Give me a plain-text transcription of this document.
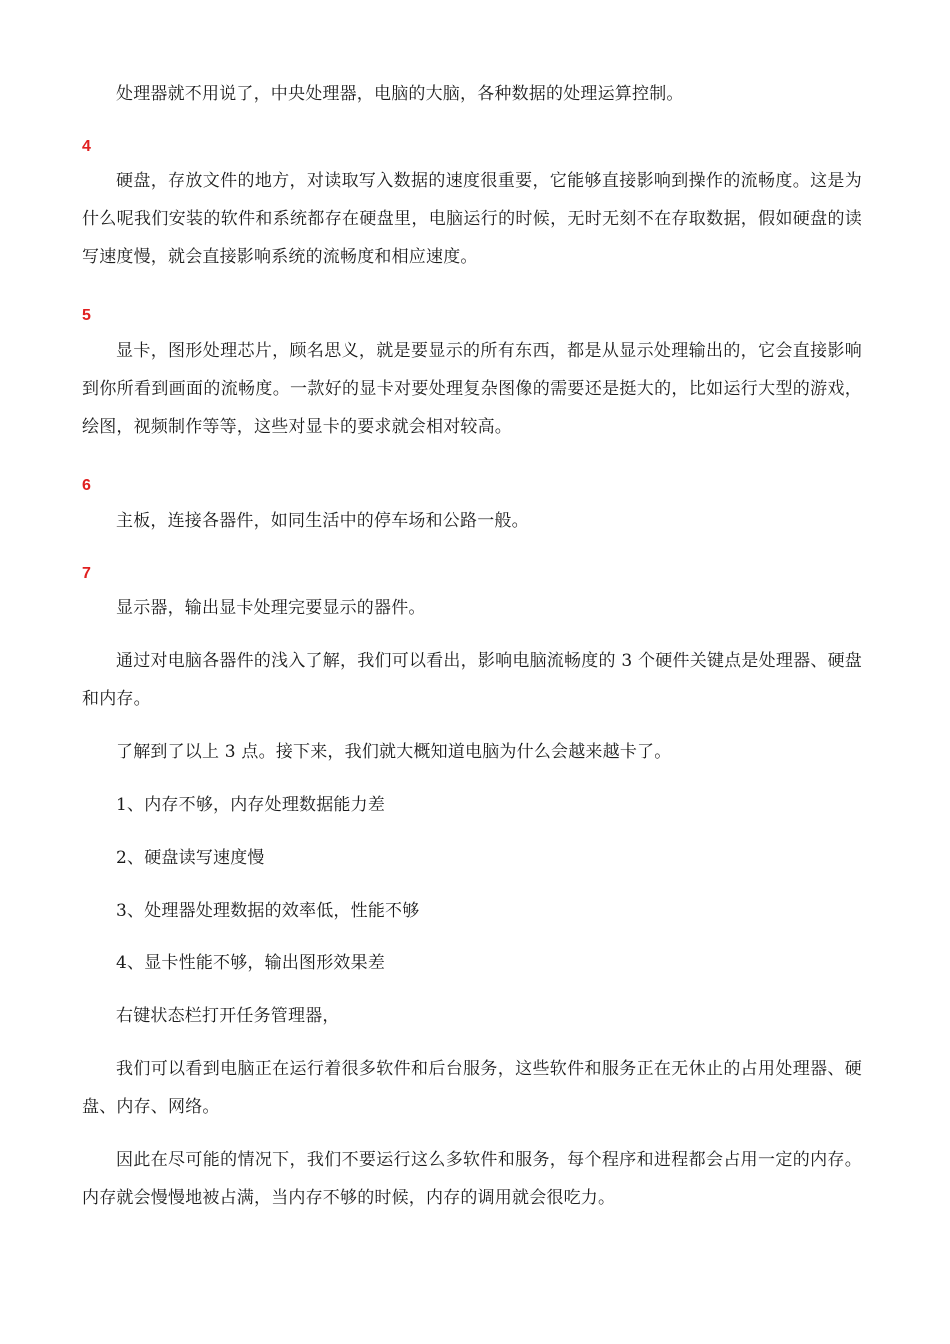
处理器就不用说了，中央处理器，电脑的大脑，各种数据的处理运算控制。

4

硬盘，存放文件的地方，对读取写入数据的速度很重要，它能够直接影响到操作的流畅度。这是为什么呢我们安装的软件和系统都存在硬盘里，电脑运行的时候，无时无刻不在存取数据，假如硬盘的读写速度慢，就会直接影响系统的流畅度和相应速度。

5

显卡，图形处理芯片，顾名思义，就是要显示的所有东西，都是从显示处理输出的，它会直接影响到你所看到画面的流畅度。一款好的显卡对要处理复杂图像的需要还是挺大的，比如运行大型的游戏，绘图，视频制作等等，这些对显卡的要求就会相对较高。

6

主板，连接各器件，如同生活中的停车场和公路一般。

7

显示器，输出显卡处理完要显示的器件。

通过对电脑各器件的浅入了解，我们可以看出，影响电脑流畅度的 3 个硬件关键点是处理器、硬盘和内存。

了解到了以上 3 点。接下来，我们就大概知道电脑为什么会越来越卡了。

1、内存不够，内存处理数据能力差

2、硬盘读写速度慢

3、处理器处理数据的效率低，性能不够

4、显卡性能不够，输出图形效果差

右键状态栏打开任务管理器，

我们可以看到电脑正在运行着很多软件和后台服务，这些软件和服务正在无休止的占用处理器、硬盘、内存、网络。

因此在尽可能的情况下，我们不要运行这么多软件和服务，每个程序和进程都会占用一定的内存。内存就会慢慢地被占满，当内存不够的时候，内存的调用就会很吃力。
